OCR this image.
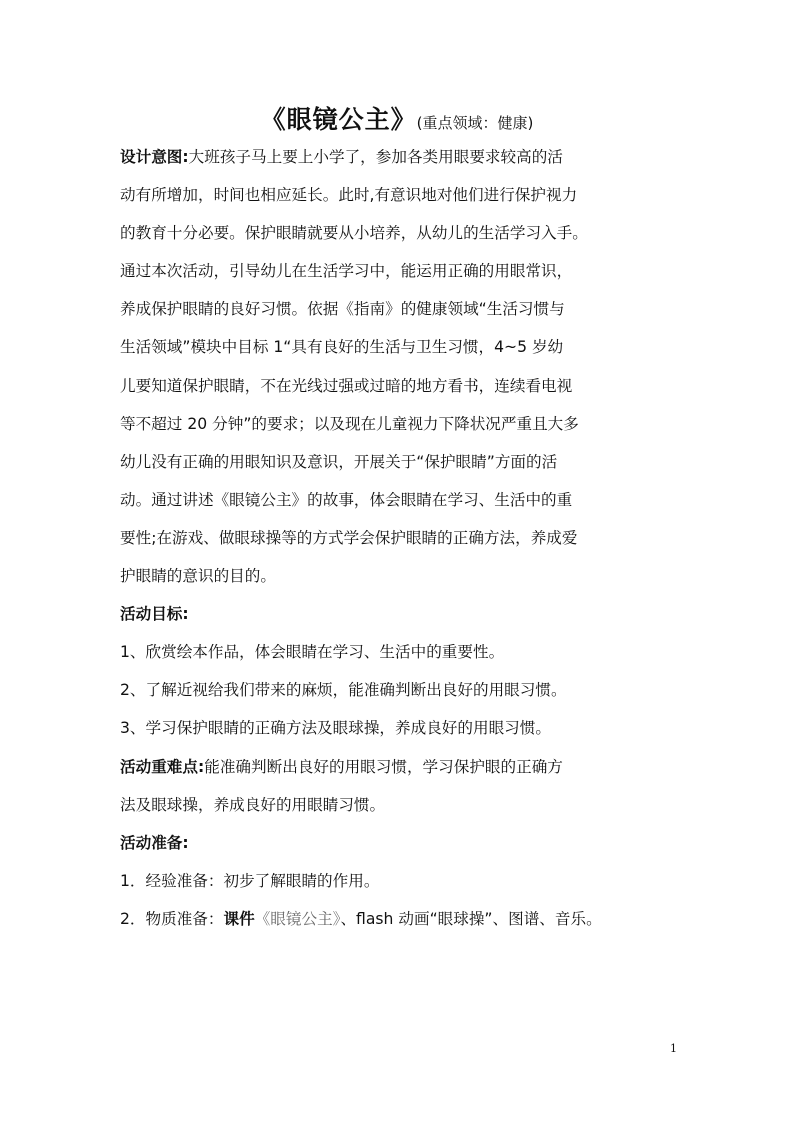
《眼镜公主》(重点领域：健康)

设计意图:大班孩子马上要上小学了，参加各类用眼要求较高的活

动有所增加，时间也相应延长。此时,有意识地对他们进行保护视力

的教育十分必要。保护眼睛就要从小培养，从幼儿的生活学习入手。

通过本次活动，引导幼儿在生活学习中，能运用正确的用眼常识，

养成保护眼睛的良好习惯。依据《指南》的健康领域“生活习惯与

生活领域”模块中目标 1“具有良好的生活与卫生习惯，4~5 岁幼

儿要知道保护眼睛，不在光线过强或过暗的地方看书，连续看电视

等不超过 20 分钟”的要求；以及现在儿童视力下降状况严重且大多

幼儿没有正确的用眼知识及意识，开展关于“保护眼睛”方面的活

动。通过讲述《眼镜公主》的故事，体会眼睛在学习、生活中的重

要性;在游戏、做眼球操等的方式学会保护眼睛的正确方法，养成爱

护眼睛的意识的目的。

活动目标:

1、欣赏绘本作品，体会眼睛在学习、生活中的重要性。

2、了解近视给我们带来的麻烦，能准确判断出良好的用眼习惯。

3、学习保护眼睛的正确方法及眼球操，养成良好的用眼习惯。

活动重难点:能准确判断出良好的用眼习惯，学习保护眼的正确方

法及眼球操，养成良好的用眼睛习惯。

活动准备:

1．经验准备：初步了解眼睛的作用。

2．物质准备：课件《眼镜公主》、flash 动画“眼球操”、图谱、音乐。

1
